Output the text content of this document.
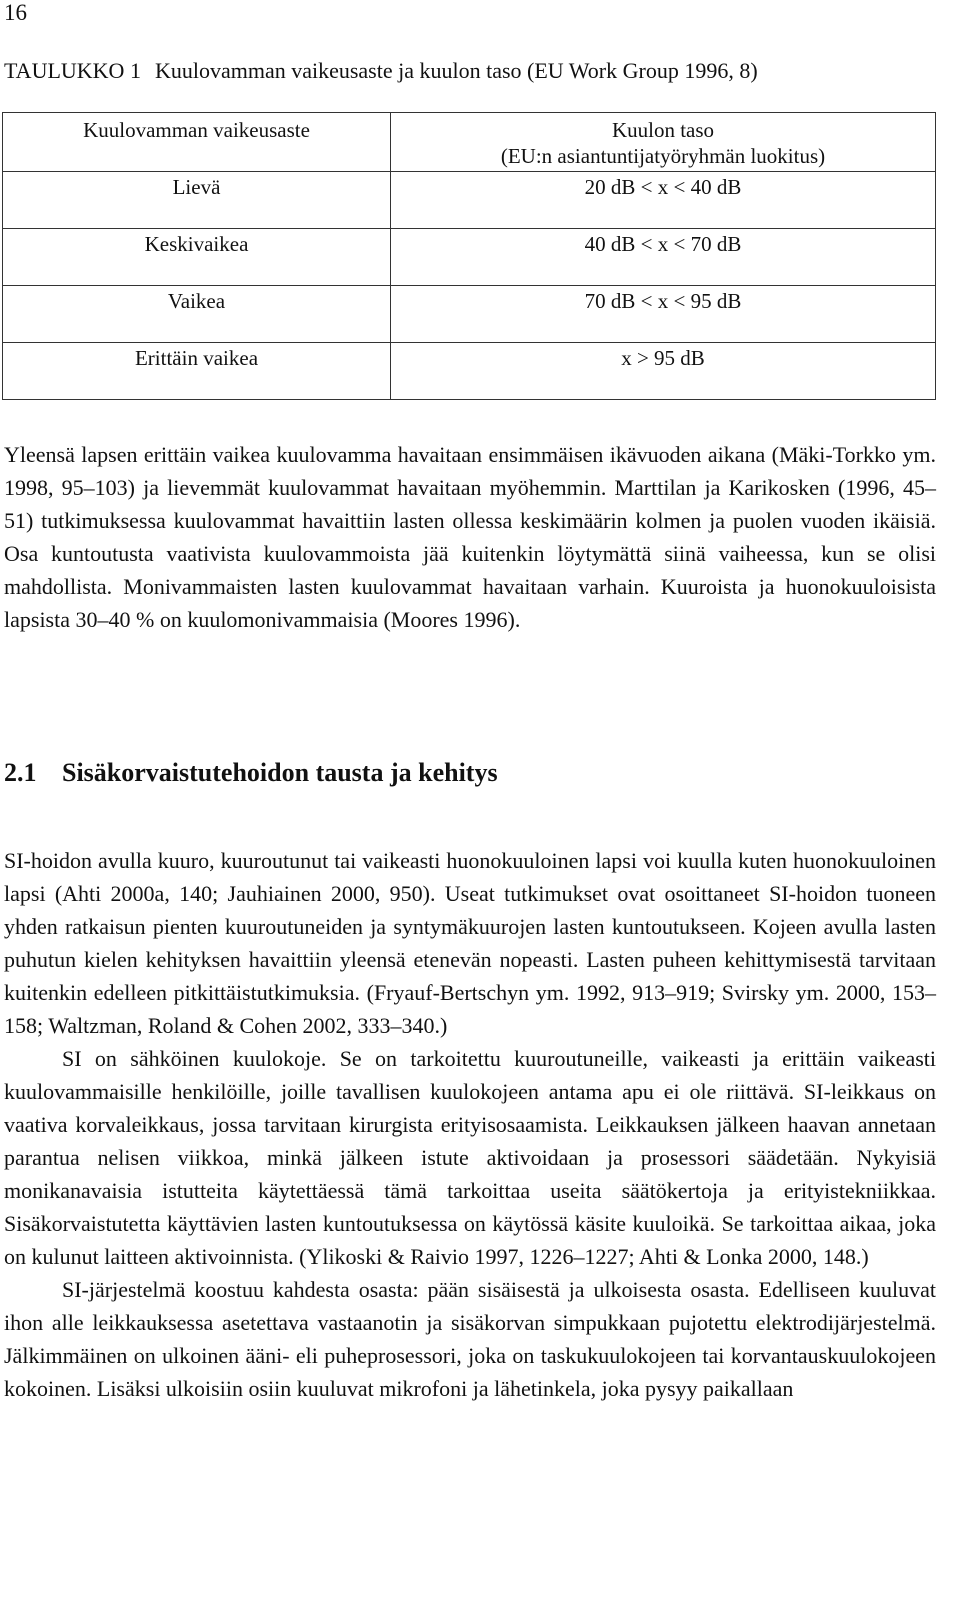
16
TAULUKKO 1 Kuulovamman vaikeusaste ja kuulon taso (EU Work Group 1996, 8)
Kuulovamman vaikeusaste	Kuulon taso
(EU:n asiantuntijatyöryhmän luokitus)

Lievä	20 dB < x < 40 dB
Keskivaikea	40 dB < x < 70 dB
Vaikea	70 dB < x < 95 dB
Erittäin vaikea	x > 95 dB

Yleensä lapsen erittäin vaikea kuulovamma havaitaan ensimmäisen ikävuoden aikana (Mäki-Torkko ym. 1998, 95–103) ja lievemmät kuulovammat havaitaan myöhemmin. Marttilan ja Karikosken (1996, 45–51) tutkimuksessa kuulovammat havaittiin lasten ollessa keskimäärin kolmen ja puolen vuoden ikäisiä. Osa kuntoutusta vaativista kuulovammoista jää kuitenkin löytymättä siinä vaiheessa, kun se olisi mahdollista. Monivammaisten lasten kuulovammat havaitaan varhain. Kuuroista ja huonokuuloisista lapsista 30–40 % on kuulomonivammaisia (Moores 1996).

2.1 Sisäkorvaistutehoidon tausta ja kehitys

SI-hoidon avulla kuuro, kuuroutunut tai vaikeasti huonokuuloinen lapsi voi kuulla kuten huonokuuloinen lapsi (Ahti 2000a, 140; Jauhiainen 2000, 950). Useat tutkimukset ovat osoittaneet SI-hoidon tuoneen yhden ratkaisun pienten kuuroutuneiden ja syntymäkuurojen lasten kuntoutukseen. Kojeen avulla lasten puhutun kielen kehityksen havaittiin yleensä etenevän nopeasti. Lasten puheen kehittymisestä tarvitaan kuitenkin edelleen pitkittäistutkimuksia. (Fryauf-Bertschyn ym. 1992, 913–919; Svirsky ym. 2000, 153–158; Waltzman, Roland & Cohen 2002, 333–340.)

SI on sähköinen kuulokoje. Se on tarkoitettu kuuroutuneille, vaikeasti ja erittäin vaikeasti kuulovammaisille henkilöille, joille tavallisen kuulokojeen antama apu ei ole riittävä. SI-leikkaus on vaativa korvaleikkaus, jossa tarvitaan kirurgista erityisosaamista. Leikkauksen jälkeen haavan annetaan parantua nelisen viikkoa, minkä jälkeen istute aktivoidaan ja prosessori säädetään. Nykyisiä monikanavaisia istutteita käytettäessä tämä tarkoittaa useita säätökertoja ja erityistekniikkaa. Sisäkorvaistutetta käyttävien lasten kuntoutuksessa on käytössä käsite kuuloikä. Se tarkoittaa aikaa, joka on kulunut laitteen aktivoinnista. (Ylikoski & Raivio 1997, 1226–1227; Ahti & Lonka 2000, 148.)

SI-järjestelmä koostuu kahdesta osasta: pään sisäisestä ja ulkoisesta osasta. Edelliseen kuuluvat ihon alle leikkauksessa asetettava vastaanotin ja sisäkorvan simpukkaan pujotettu elektrodijärjestelmä. Jälkimmäinen on ulkoinen ääni- eli puheprosessori, joka on taskukuulokojeen tai korvantauskuulokojeen kokoinen. Lisäksi ulkoisiin osiin kuuluvat mikrofoni ja lähetinkela, joka pysyy paikallaan
